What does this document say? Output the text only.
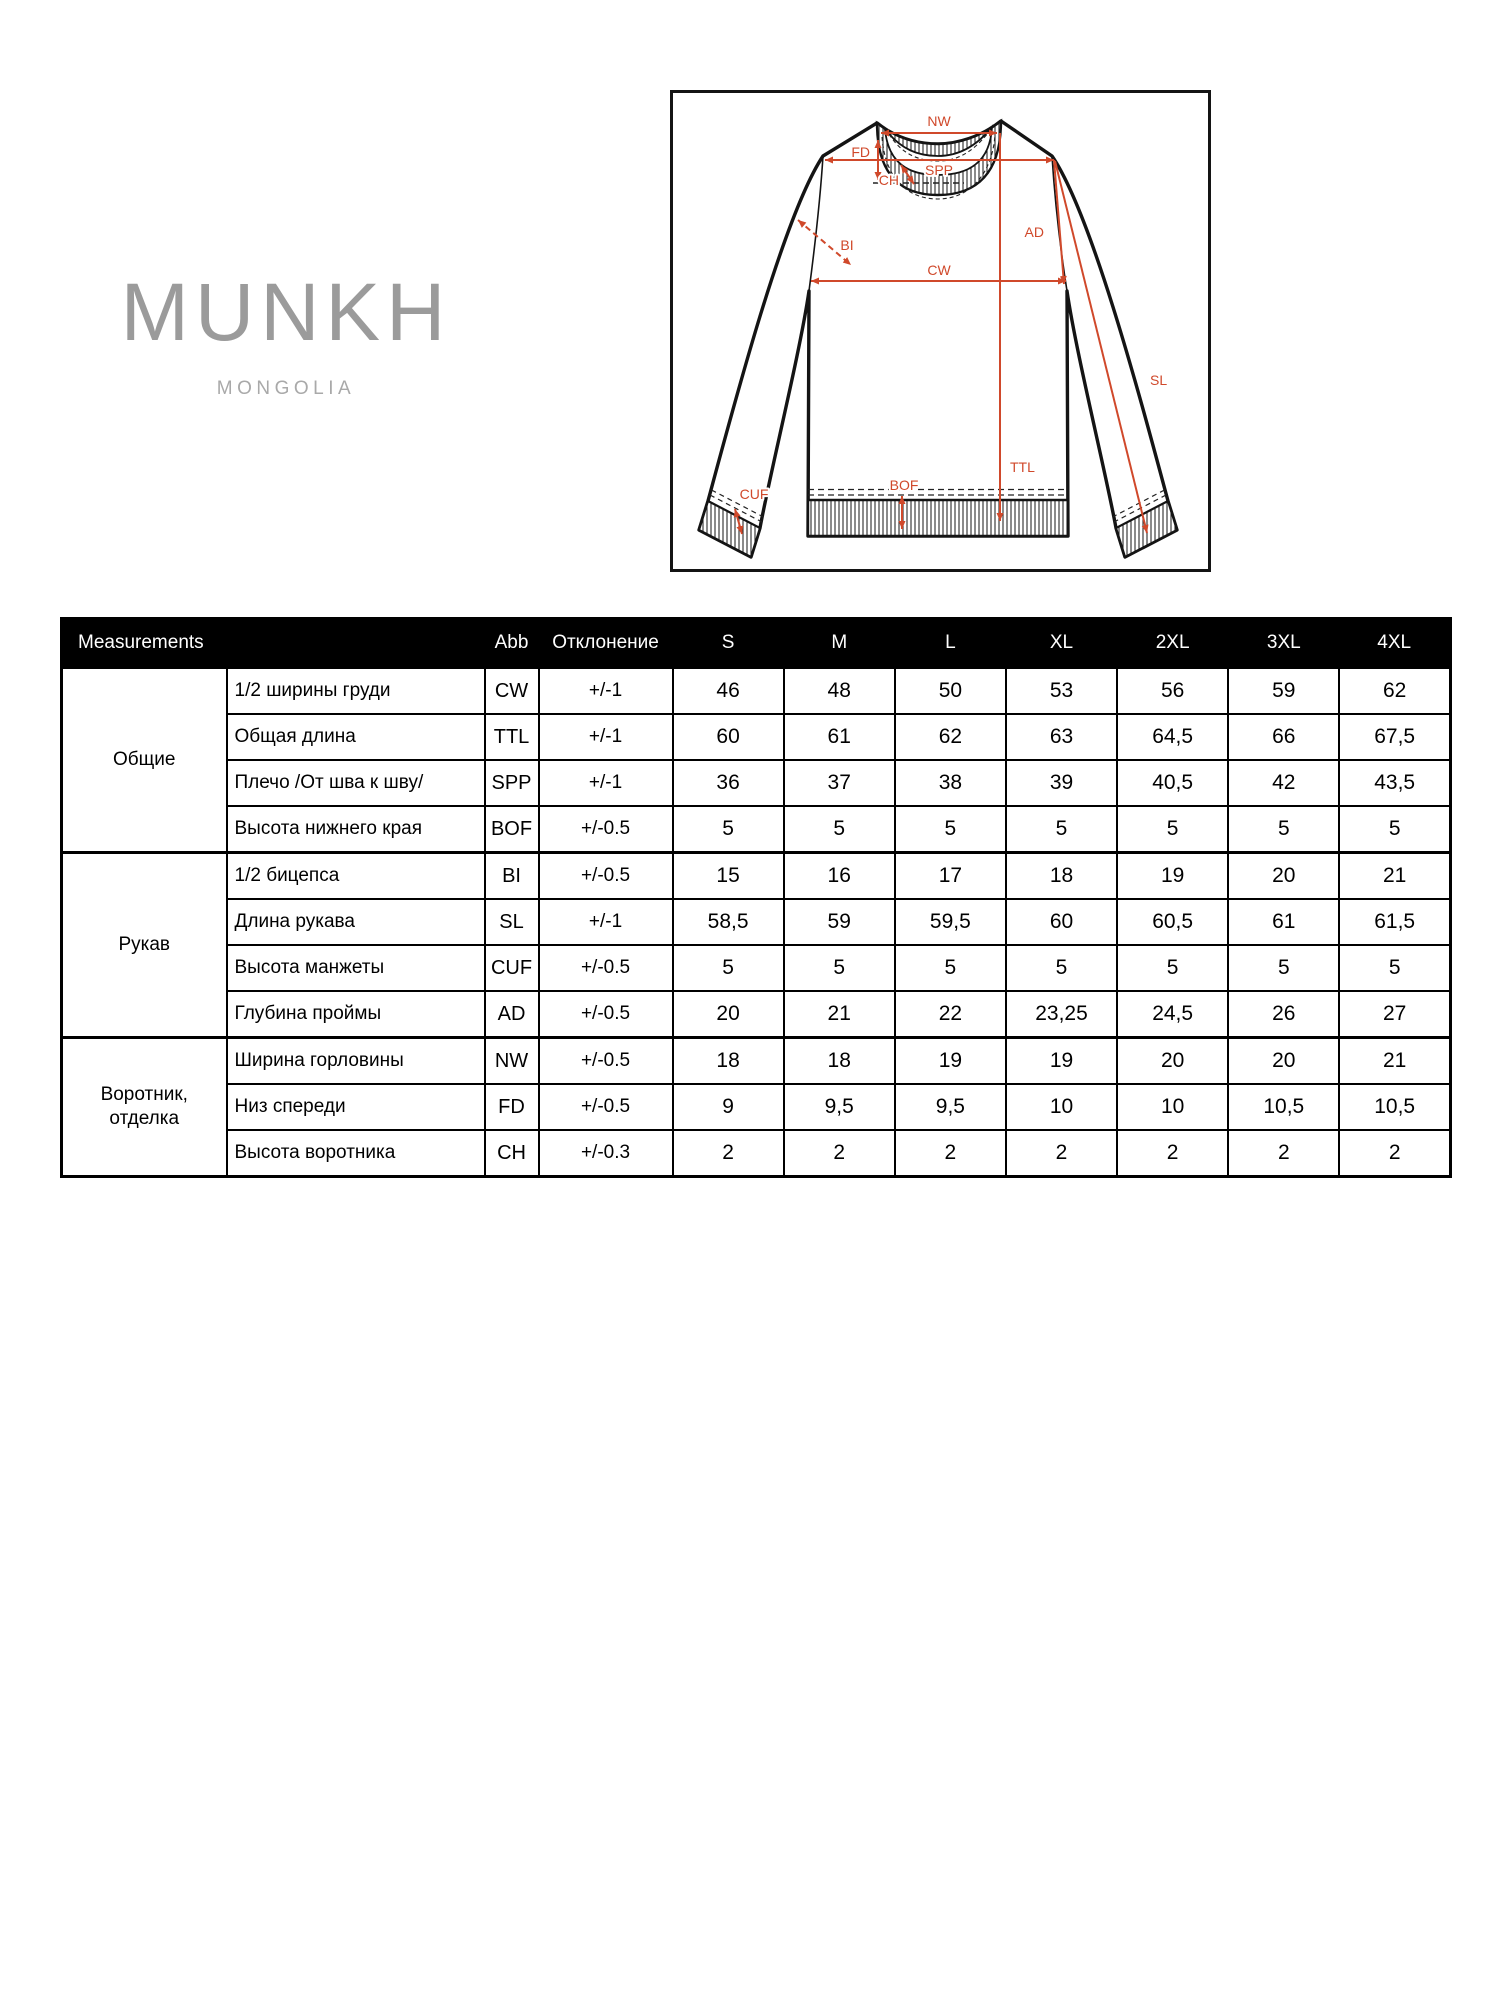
MUNKH
MONGOLIA
NW
FD
SPP
CH
BI
AD
CW
TTL
SL
BOF
CUF
Measurements		Abb	Отклонение	S	M	L	XL	2XL	3XL	4XL
Общие	1/2 ширины груди	CW	+/-1	46	48	50	53	56	59	62
	Общая длина	TTL	+/-1	60	61	62	63	64,5	66	67,5
	Плечо /От шва к шву/	SPP	+/-1	36	37	38	39	40,5	42	43,5
	Высота нижнего края	BOF	+/-0.5	5	5	5	5	5	5	5
Рукав	1/2 бицепса	BI	+/-0.5	15	16	17	18	19	20	21
	Длина рукава	SL	+/-1	58,5	59	59,5	60	60,5	61	61,5
	Высота манжеты	CUF	+/-0.5	5	5	5	5	5	5	5
	Глубина проймы	AD	+/-0.5	20	21	22	23,25	24,5	26	27
Воротник, отделка	Ширина горловины	NW	+/-0.5	18	18	19	19	20	20	21
	Низ спереди	FD	+/-0.5	9	9,5	9,5	10	10	10,5	10,5
	Высота воротника	CH	+/-0.3	2	2	2	2	2	2	2
